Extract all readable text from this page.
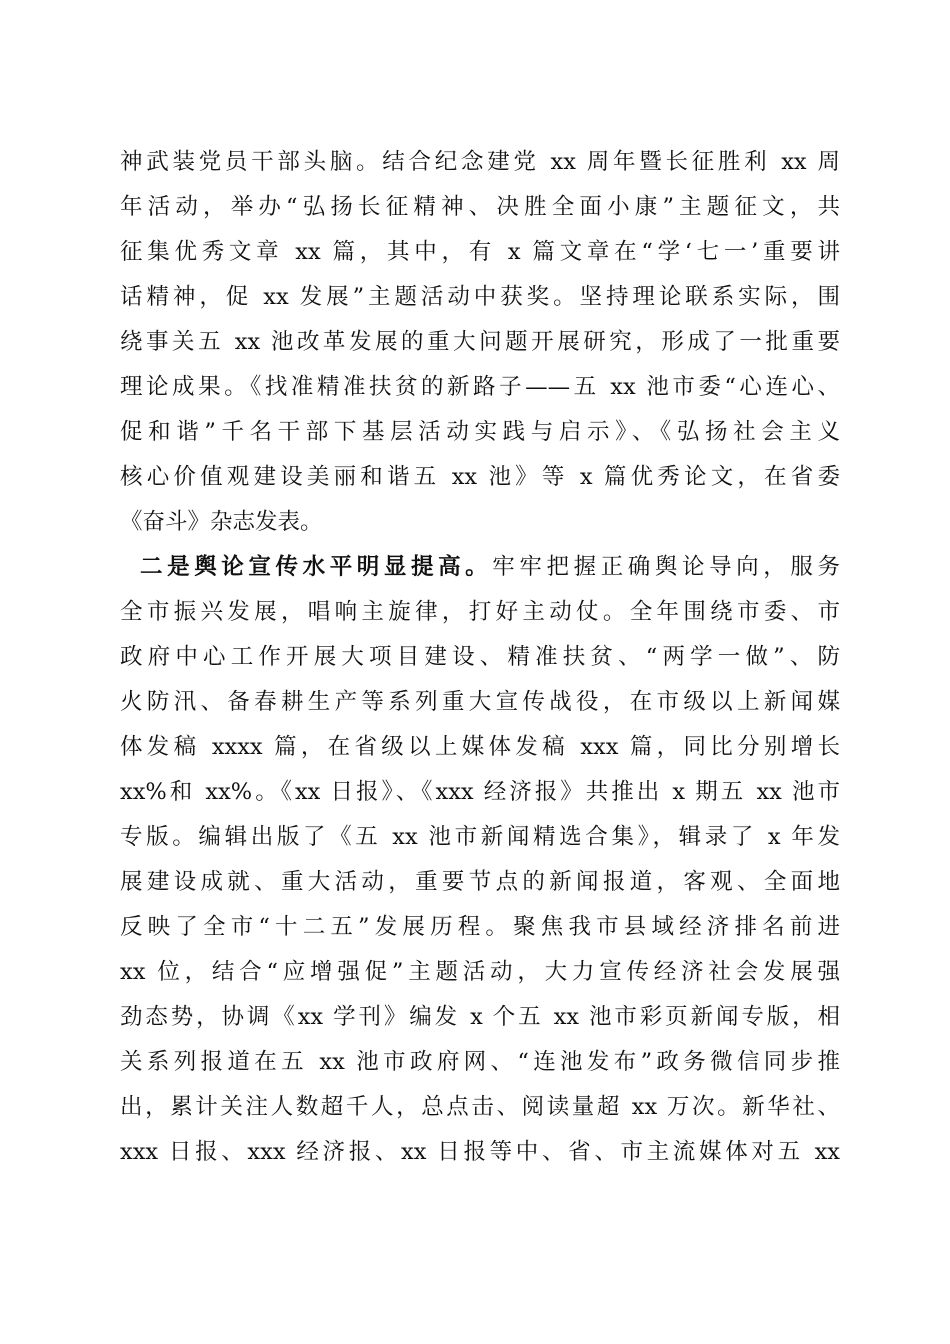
神武装党员干部头脑。结合纪念建党 xx 周年暨长征胜利 xx 周
年活动，举办“弘扬长征精神、决胜全面小康”主题征文，共
征集优秀文章 xx 篇，其中，有 x 篇文章在“学‘七一’重要讲
话精神，促 xx 发展”主题活动中获奖。坚持理论联系实际，围
绕事关五 xx 池改革发展的重大问题开展研究，形成了一批重要
理论成果。《找准精准扶贫的新路子——五 xx 池市委“心连心、
促和谐”千名干部下基层活动实践与启示》、《弘扬社会主义
核心价值观建设美丽和谐五 xx 池》等 x 篇优秀论文，在省委
《奋斗》杂志发表。
二是舆论宣传水平明显提高。牢牢把握正确舆论导向，服务
全市振兴发展，唱响主旋律，打好主动仗。全年围绕市委、市
政府中心工作开展大项目建设、精准扶贫、“两学一做”、防
火防汛、备春耕生产等系列重大宣传战役，在市级以上新闻媒
体发稿 xxxx 篇，在省级以上媒体发稿 xxx 篇，同比分别增长
xx%和 xx%。《xx 日报》、《xxx 经济报》共推出 x 期五 xx 池市
专版。编辑出版了《五 xx 池市新闻精选合集》，辑录了 x 年发
展建设成就、重大活动，重要节点的新闻报道，客观、全面地
反映了全市“十二五”发展历程。聚焦我市县域经济排名前进
xx 位，结合“应增强促”主题活动，大力宣传经济社会发展强
劲态势，协调《xx 学刊》编发 x 个五 xx 池市彩页新闻专版，相
关系列报道在五 xx 池市政府网、“连池发布”政务微信同步推
出，累计关注人数超千人，总点击、阅读量超 xx 万次。新华社、
xxx 日报、xxx 经济报、xx 日报等中、省、市主流媒体对五 xx
